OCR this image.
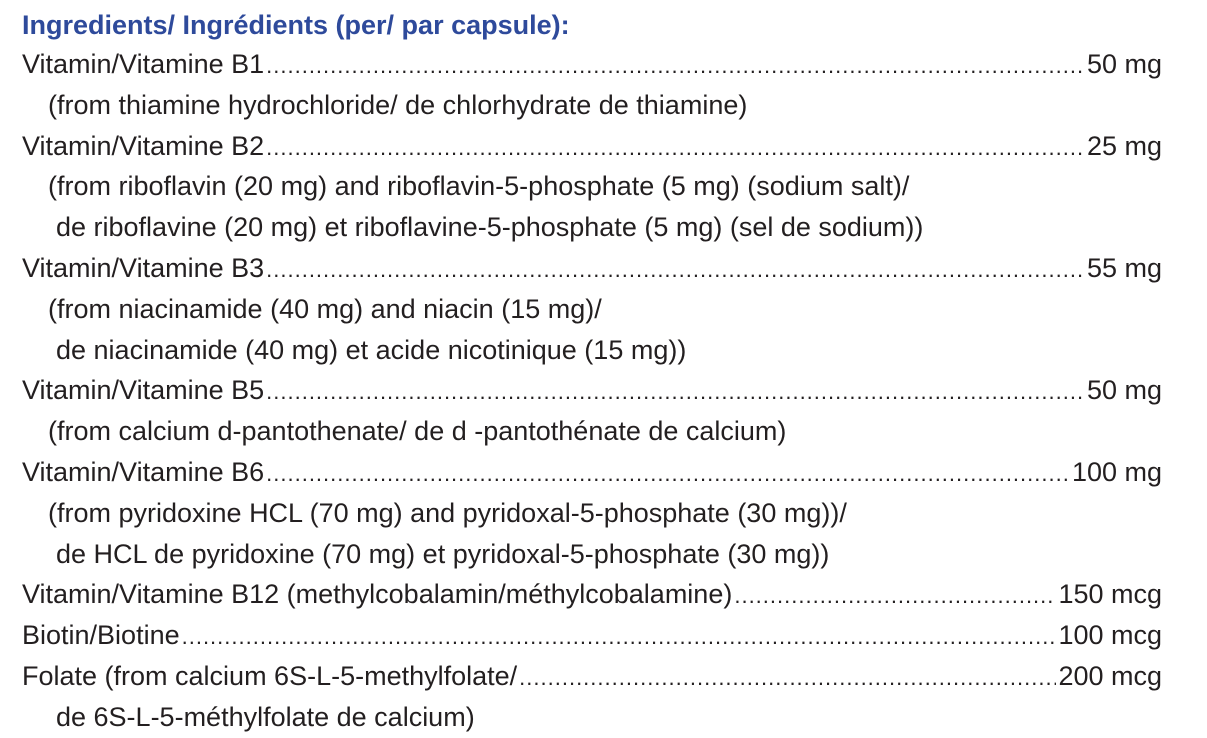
Ingredients/ Ingrédients (per/ par capsule):
Vitamin/Vitamine B1 .....	50 mg
(from thiamine hydrochloride/ de chlorhydrate de thiamine)
Vitamin/Vitamine B2 .....	25 mg
(from riboflavin (20 mg) and riboflavin-5-phosphate (5 mg) (sodium salt)/
de riboflavine (20 mg) et riboflavine-5-phosphate (5 mg) (sel de sodium))
Vitamin/Vitamine B3 .....	55 mg
(from niacinamide (40 mg) and niacin (15 mg)/
de niacinamide (40 mg) et acide nicotinique (15 mg))
Vitamin/Vitamine B5 .....	50 mg
(from calcium d-pantothenate/ de d -pantothénate de calcium)
Vitamin/Vitamine B6 .....	100 mg
(from pyridoxine HCL (70 mg) and pyridoxal-5-phosphate (30 mg))/
de HCL de pyridoxine (70 mg) et pyridoxal-5-phosphate (30 mg))
Vitamin/Vitamine B12 (methylcobalamin/méthylcobalamine) .....	150 mcg
Biotin/Biotine .....	100 mcg
Folate (from calcium 6S-L-5-methylfolate/ .....	200 mcg
de 6S-L-5-méthylfolate de calcium)
